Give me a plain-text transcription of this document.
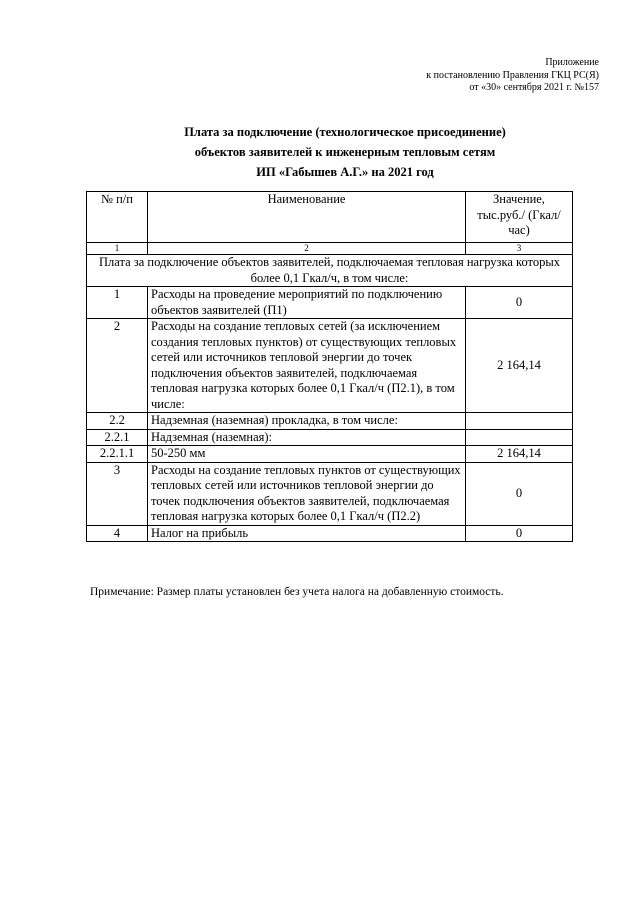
Приложение
к постановлению Правления ГКЦ РС(Я)
от «30» сентября 2021 г. №157
Плата за подключение (технологическое присоединение)
объектов заявителей к инженерным тепловым сетям
ИП «Габышев А.Г.» на 2021 год
№ п/п	Наименование	Значение, тыс.руб./ (Гкал/час)
1	2	3
Плата за подключение объектов заявителей, подключаемая тепловая нагрузка которых более 0,1 Гкал/ч, в том числе:		
1	Расходы на проведение мероприятий по подключению объектов заявителей (П1)	0
2	Расходы на создание тепловых сетей (за исключением создания тепловых пунктов) от существующих тепловых сетей или источников тепловой энергии до точек подключения объектов заявителей, подключаемая тепловая нагрузка которых более 0,1 Гкал/ч (П2.1), в том числе:	2 164,14
2.2	Надземная (наземная) прокладка, в том числе:	
2.2.1	Надземная (наземная):	
2.2.1.1	50-250 мм	2 164,14
3	Расходы на создание тепловых пунктов от существующих тепловых сетей или источников тепловой энергии до точек подключения объектов заявителей, подключаемая тепловая нагрузка которых более 0,1 Гкал/ч (П2.2)	0
4	Налог на прибыль	0
Примечание: Размер платы установлен без учета налога на добавленную стоимость.
